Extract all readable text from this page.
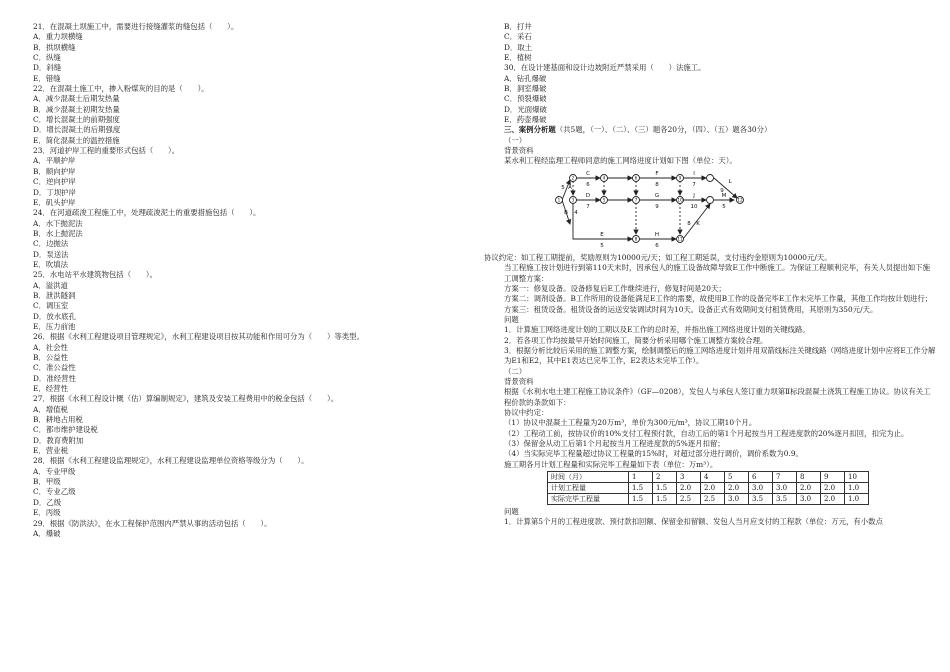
21．在混凝土坝施工中，需要进行接缝灌浆的缝包括（　　）。
A．重力坝横缝
B．拱坝横缝
C．纵缝
D．斜缝
E．错缝
22．在混凝土施工中，掺入粉煤灰的目的是（　　）。
A．减少混凝土后期发热量
B．减少混凝土初期发热量
C．增长混凝土的前期强度
D．增长混凝土的后期强度
E．简化混凝土的温控措施
23．河道护岸工程的重要形式包括（　　）。
A．平顺护岸
B．顺向护岸
C．逆向护岸
D．丁坝护岸
E．矶头护岸
24．在河道疏浚工程施工中，处理疏浚泥土的重要措施包括（　　）。
A．水下抛泥法
B．水上抛泥法
C．边抛法
D．泵送法
E．吹填法
25．水电站平水建筑物包括（　　）。
A．溢洪道
B．泄洪隧洞
C．调压室
D．放水底孔
E．压力前池
26．根据《水利工程建设项目管理规定》，水利工程建设项目按其功能和作用可分为（　　）等类型。
A．社会性
B．公益性
C．准公益性
D．准经营性
E．经营性
27．根据《水利工程设计概（估）算编制规定》，建筑及安装工程费用中的税金包括（　　）。
A．增值税
B．耕地占用税
C．都市维护建设税
D．教育费附加
E．营业税
28．根据《水利工程建设监理规定》，水利工程建设监理单位资格等级分为（　　）。
A．专业甲级
B．甲级
C．专业乙级
D．乙级
E．丙级
29．根据《防洪法》，在水工程保护范围内严禁从事的活动包括（　　）。
A．爆破
B．打井
C．采石
D．取土
E．植树
30．在设计建基面和设计边坡附近严禁采用（　　）法施工。
A．钻孔爆破
B．洞室爆破
C．预裂爆破
D．光面爆破
E．药壶爆破
三、案例分析题（共5题，（一）、（二）、（三）题各20分，（四）、（五）题各30分）
（一）
背景资料
某水利工程经监理工程师同意的施工网络进度计划如下图（单位：天）。
A
5
B 4
C
6
D
7
E
5
F
8
G
9
H
6
I
7
J
10
K
8
L
9
M
5
1
2
3
4
5
6
7
8
9
10
11
12
协议约定：如工程工期提前，奖励原则为10000元/天；如工程工期延误，支付违约金原则为10000元/天。
当工程施工按计划进行到第110天末时，因承包人的施工设备故障导致E工作中断施工。为保证工程顺利完毕，有关人员提出如下施工调整方案：
方案一：修复设备。设备修复后E工作继续进行，修复时间是20天；
方案二：调剂设备。B工作所用的设备能满足E工作的需要，故使用B工作的设备完毕E工作未完毕工作量，其他工作均按计划进行；
方案三：租赁设备。租赁设备的运送安装调试时间为10天。设备正式有效期间支付租赁费用，其原则为350元/天。
问题
1．计算施工网络进度计划的工期以及E工作的总时差，并指出施工网络进度计划的关键线路。
2．若各项工作均按最早开始时间施工，简要分析采用哪个施工调整方案较合理。
3．根据分析比较后采用的施工调整方案，绘制调整后的施工网络进度计划并用双箭线标注关键线路（网络进度计划中应将E工作分解为E1和E2，其中E1表达已完毕工作，E2表达未完毕工作）。
（二）
背景资料
根据《水利水电土建工程施工协议条件》（GF—0208），发包人与承包人签订重力坝第Ⅱ标段混凝土浇筑工程施工协议。协议有关工程价款的条款如下：
协议中约定：
（1）协议中混凝土工程量为20万m³，单价为300元/m³，协议工期10个月。
（2）工程动工前，按协议价的10%支付工程预付款，自动工后的第1个月起按当月工程进度款的20%逐月扣回，扣完为止。
（3）保留金从动工后第1个月起按当月工程进度款的5%逐月扣留；
（4）当实际完毕工程量超过协议工程量的15%时，对超过部分进行调价，调价系数为0.9。
施工期各月计划工程量和实际完毕工程量如下表（单位：万m³）。
时间（月）	1	2	3	4	5	6	7	8	9	10
计划工程量	1.5	1.5	2.0	2.0	2.0	3.0	3.0	2.0	2.0	1.0
实际完毕工程量	1.5	1.5	2.5	2.5	3.0	3.5	3.5	3.0	2.0	1.0
问题
1．计算第5个月的工程进度款、预付款扣回额、保留金扣留额、发包人当月应支付的工程款（单位：万元，有小数点
